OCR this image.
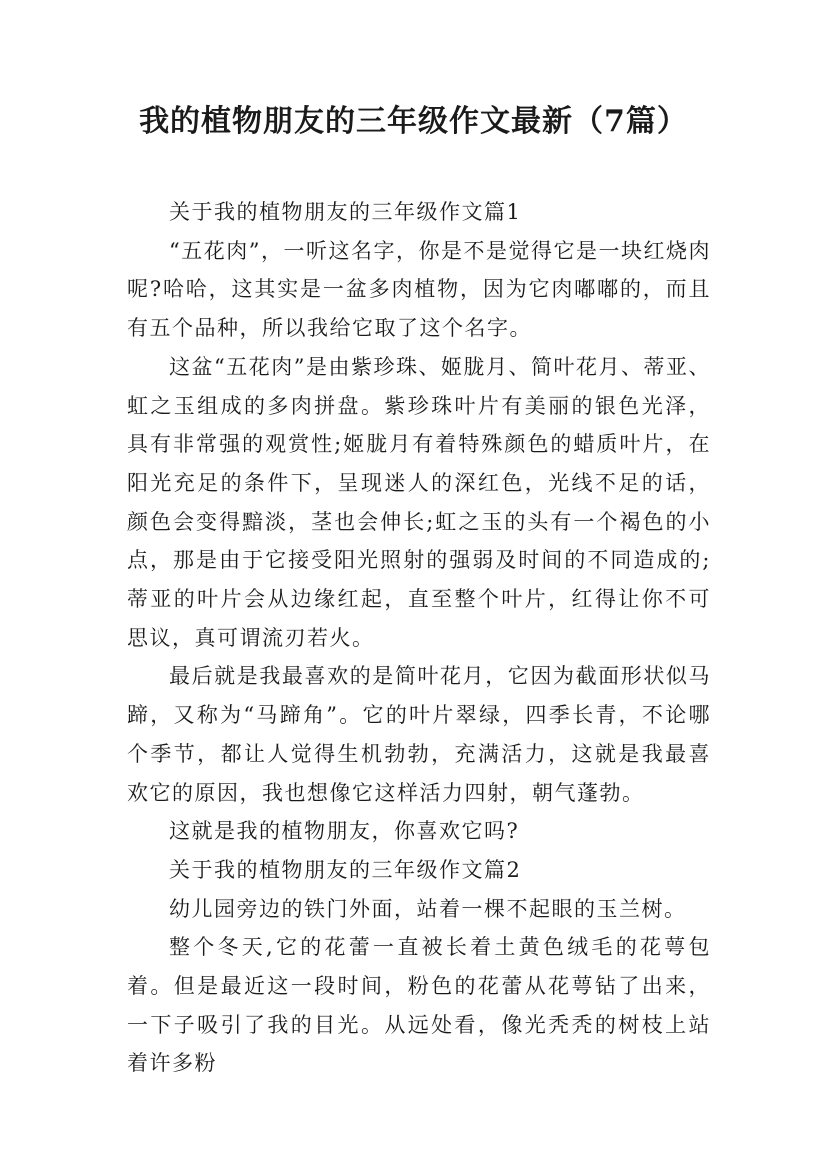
我的植物朋友的三年级作文最新（7篇）

关于我的植物朋友的三年级作文篇1

“五花肉”，一听这名字，你是不是觉得它是一块红烧肉呢?哈哈，这其实是一盆多肉植物，因为它肉嘟嘟的，而且有五个品种，所以我给它取了这个名字。

这盆“五花肉”是由紫珍珠、姬胧月、简叶花月、蒂亚、虹之玉组成的多肉拼盘。紫珍珠叶片有美丽的银色光泽，具有非常强的观赏性;姬胧月有着特殊颜色的蜡质叶片，在阳光充足的条件下，呈现迷人的深红色，光线不足的话，颜色会变得黯淡，茎也会伸长;虹之玉的头有一个褐色的小点，那是由于它接受阳光照射的强弱及时间的不同造成的;蒂亚的叶片会从边缘红起，直至整个叶片，红得让你不可思议，真可谓流刃若火。

最后就是我最喜欢的是简叶花月，它因为截面形状似马蹄，又称为“马蹄角”。它的叶片翠绿，四季长青，不论哪个季节，都让人觉得生机勃勃，充满活力，这就是我最喜欢它的原因，我也想像它这样活力四射，朝气蓬勃。

这就是我的植物朋友，你喜欢它吗?

关于我的植物朋友的三年级作文篇2

幼儿园旁边的铁门外面，站着一棵不起眼的玉兰树。

整个冬天,它的花蕾一直被长着土黄色绒毛的花萼包着。但是最近这一段时间，粉色的花蕾从花萼钻了出来，一下子吸引了我的目光。从远处看，像光秃秃的树枝上站着许多粉
